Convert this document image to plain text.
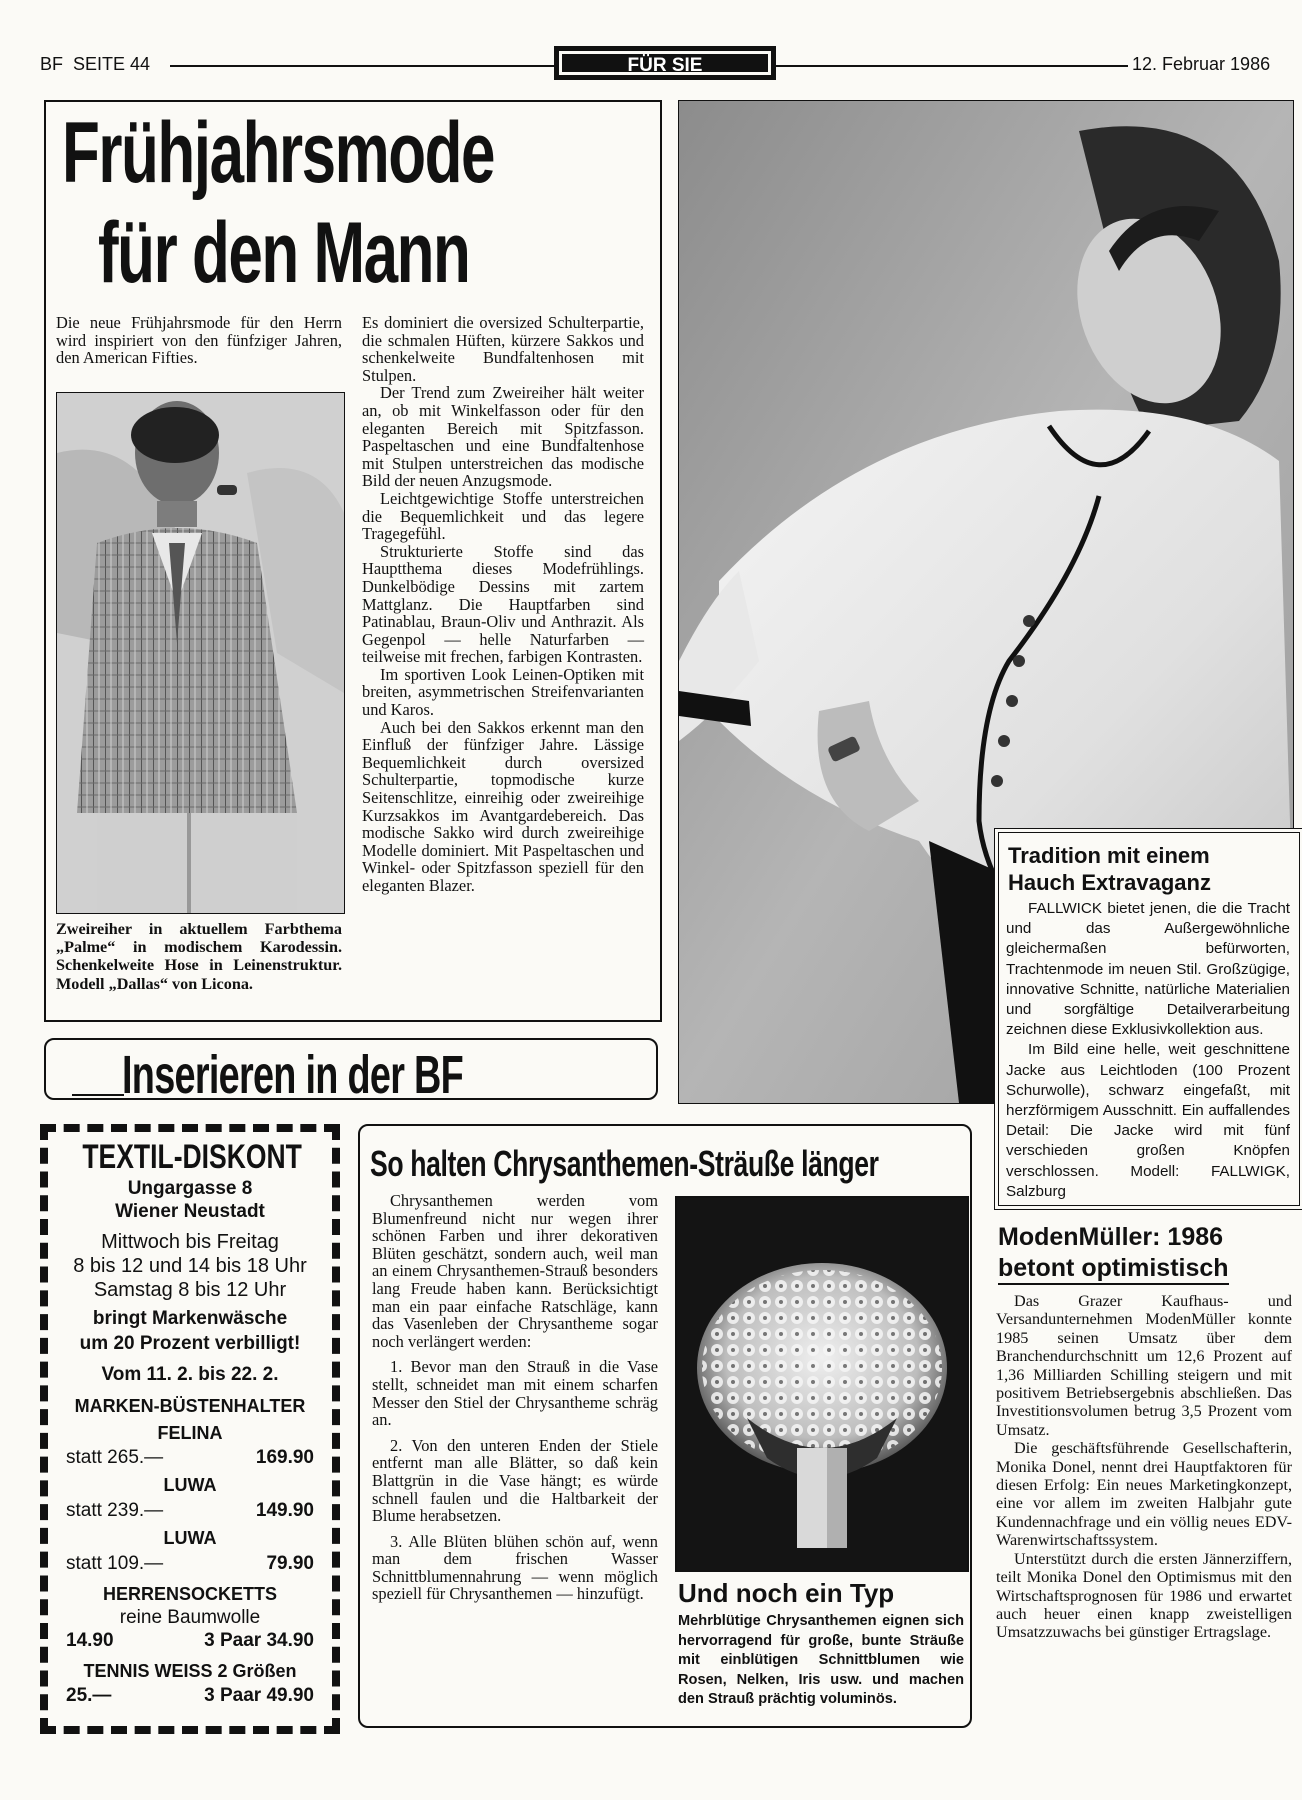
BF  SEITE 44	FÜR SIE	12. Februar 1986
Frühjahrsmode
für den Mann

Die neue Frühjahrsmode für den Herrn wird inspiriert von den fünfziger Jahren, den American Fifties.

Zweireiher in aktuellem Farbthema „Palme“ in modischem Karodessin. Schenkelweite Hose in Leinenstruktur. Modell „Dallas“ von Licona.

Es dominiert die oversized Schulterpartie, die schmalen Hüften, kürzere Sakkos und schenkelweite Bundfaltenhosen mit Stulpen.

Der Trend zum Zweireiher hält weiter an, ob mit Winkelfasson oder für den eleganten Bereich mit Spitzfasson. Paspeltaschen und eine Bundfaltenhose mit Stulpen unterstreichen das modische Bild der neuen Anzugsmode.

Leichtgewichtige Stoffe unterstreichen die Bequemlichkeit und das legere Tragegefühl.

Strukturierte Stoffe sind das Hauptthema dieses Modefrühlings. Dunkelbödige Dessins mit zartem Mattglanz. Die Hauptfarben sind Patinablau, Braun-Oliv und Anthrazit. Als Gegenpol — helle Naturfarben — teilweise mit frechen, farbigen Kontrasten.

Im sportiven Look Leinen-Optiken mit breiten, asymmetrischen Streifenvarianten und Karos.

Auch bei den Sakkos erkennt man den Einfluß der fünfziger Jahre. Lässige Bequemlichkeit durch oversized Schulterpartie, topmodische kurze Seitenschlitze, einreihig oder zweireihige Kurzsakkos im Avantgardebereich. Das modische Sakko wird durch zweireihige Modelle dominiert. Mit Paspeltaschen und Winkel- oder Spitzfasson speziell für den eleganten Blazer.

Tradition mit einem
Hauch Extravaganz

FALLWICK bietet jenen, die die Tracht und das Außergewöhnliche gleichermaßen befürworten, Trachtenmode im neuen Stil. Großzügige, innovative Schnitte, natürliche Materialien und sorgfältige Detailverarbeitung zeichnen diese Exklusivkollektion aus.

Im Bild eine helle, weit geschnittene Jacke aus Leichtloden (100 Prozent Schurwolle), schwarz eingefaßt, mit herzförmigem Ausschnitt. Ein auffallendes Detail: Die Jacke wird mit fünf verschieden großen Knöpfen verschlossen. Modell: FALLWIGK, Salzburg

Inserieren in der BF
TEXTIL-DISKONT
Ungargasse 8
Wiener Neustadt
Mittwoch bis Freitag
8 bis 12 und 14 bis 18 Uhr
Samstag 8 bis 12 Uhr
bringt Markenwäsche
um 20 Prozent verbilligt!
Vom 11. 2. bis 22. 2.
MARKEN-BÜSTENHALTER
FELINA
statt 265.—	169.90
LUWA
statt 239.—	149.90
LUWA
statt 109.—	79.90
HERRENSOCKETTS
reine Baumwolle
14.90	3 Paar 34.90
TENNIS WEISS 2 Größen
25.—	3 Paar 49.90
So halten Chrysanthemen-Sträuße länger

Chrysanthemen werden vom Blumenfreund nicht nur wegen ihrer schönen Farben und ihrer dekorativen Blüten geschätzt, sondern auch, weil man an einem Chrysanthemen-Strauß besonders lang Freude haben kann. Berücksichtigt man ein paar einfache Ratschläge, kann das Vasenleben der Chrysantheme sogar noch verlängert werden:

1. Bevor man den Strauß in die Vase stellt, schneidet man mit einem scharfen Messer den Stiel der Chrysantheme schräg an.

2. Von den unteren Enden der Stiele entfernt man alle Blätter, so daß kein Blattgrün in die Vase hängt; es würde schnell faulen und die Haltbarkeit der Blume herabsetzen.

3. Alle Blüten blühen schön auf, wenn man dem frischen Wasser Schnittblumennahrung — wenn möglich speziell für Chrysanthemen — hinzufügt.	Und noch ein Typ
Mehrblütige Chrysanthemen eignen sich hervorragend für große, bunte Sträuße mit einblütigen Schnittblumen wie Rosen, Nelken, Iris usw. und machen den Strauß prächtig voluminös.
ModenMüller: 1986
betont optimistisch

Das Grazer Kaufhaus- und Versandunternehmen ModenMüller konnte 1985 seinen Umsatz über dem Branchendurchschnitt um 12,6 Prozent auf 1,36 Milliarden Schilling steigern und mit positivem Betriebsergebnis abschließen. Das Investitionsvolumen betrug 3,5 Prozent vom Umsatz.

Die geschäftsführende Gesellschafterin, Monika Donel, nennt drei Hauptfaktoren für diesen Erfolg: Ein neues Marketingkonzept, eine vor allem im zweiten Halbjahr gute Kundennachfrage und ein völlig neues EDV-Warenwirtschaftssystem.

Unterstützt durch die ersten Jännerziffern, teilt Monika Donel den Optimismus mit den Wirtschaftsprognosen für 1986 und erwartet auch heuer einen knapp zweistelligen Umsatzzuwachs bei günstiger Ertragslage.
